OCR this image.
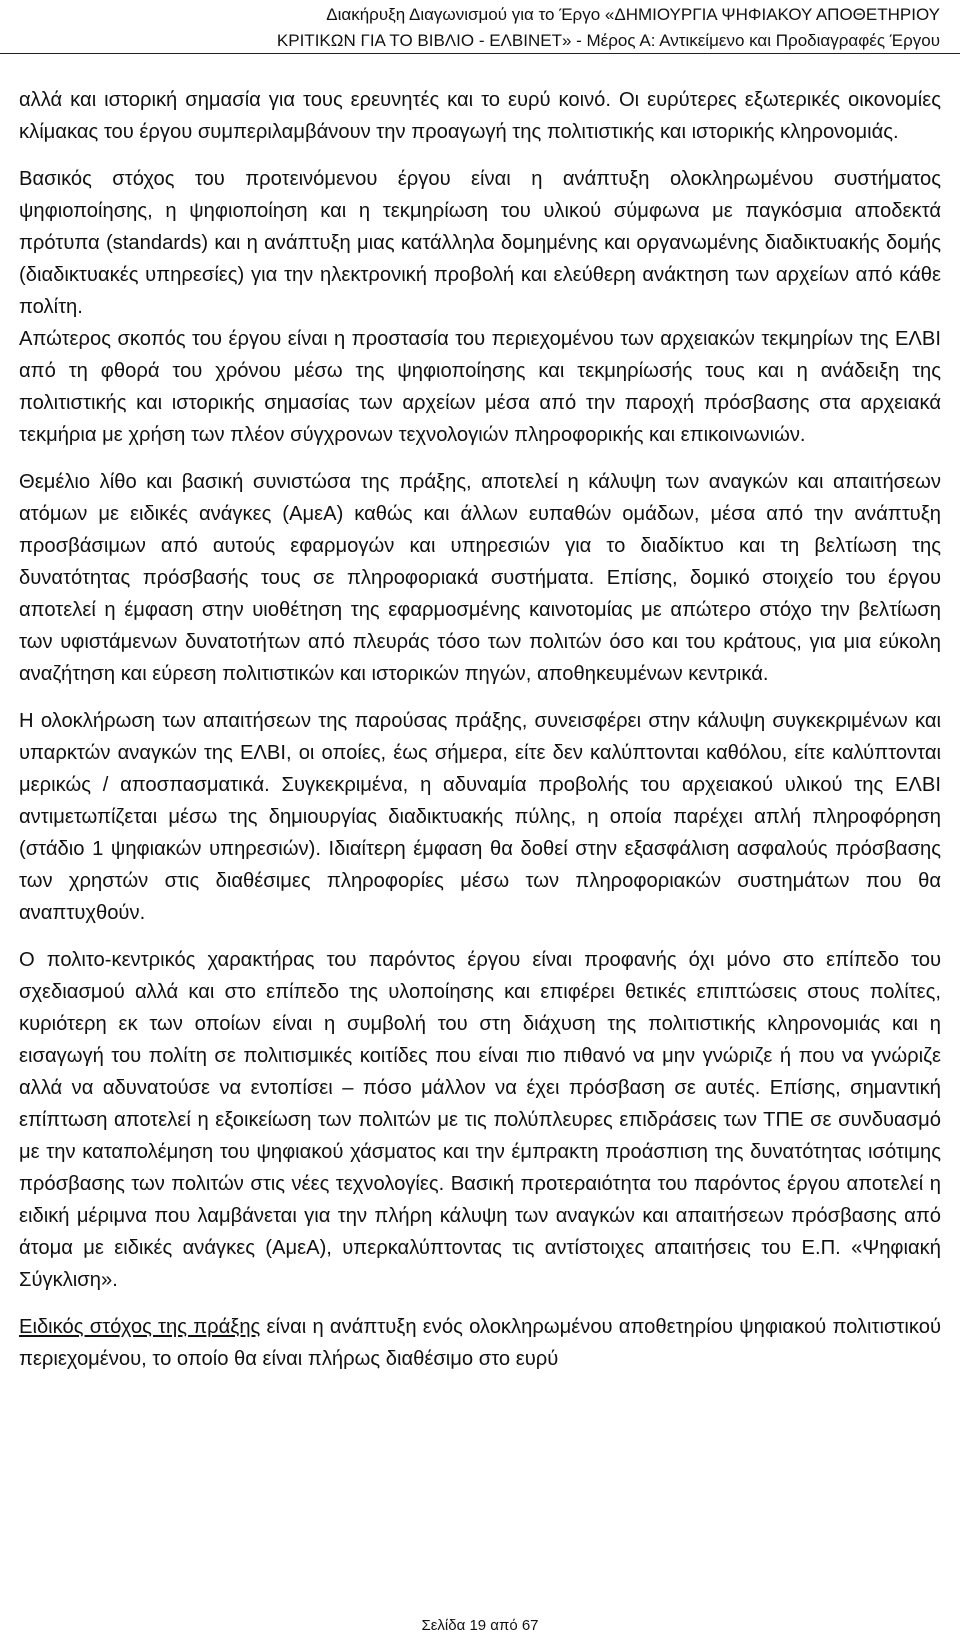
Διακήρυξη Διαγωνισμού για το Έργο «ΔΗΜΙΟΥΡΓΙΑ ΨΗΦΙΑΚΟΥ ΑΠΟΘΕΤΗΡΙΟΥ
ΚΡΙΤΙΚΩΝ ΓΙΑ ΤΟ ΒΙΒΛΙΟ - ΕΛΒΙΝΕΤ» - Μέρος Α: Αντικείμενο και Προδιαγραφές Έργου

αλλά και ιστορική σημασία για τους ερευνητές και το ευρύ κοινό. Οι ευρύτερες εξωτερικές οικονομίες κλίμακας του έργου συμπεριλαμβάνουν την προαγωγή της πολιτιστικής και ιστορικής κληρονομιάς.

Βασικός στόχος του προτεινόμενου έργου είναι η ανάπτυξη ολοκληρωμένου συστήματος ψηφιοποίησης, η ψηφιοποίηση και η τεκμηρίωση του υλικού σύμφωνα με παγκόσμια αποδεκτά πρότυπα (standards) και η ανάπτυξη μιας κατάλληλα δομημένης και οργανωμένης διαδικτυακής δομής (διαδικτυακές υπηρεσίες) για την ηλεκτρονική προβολή και ελεύθερη ανάκτηση των αρχείων από κάθε πολίτη.

Απώτερος σκοπός του έργου είναι η προστασία του περιεχομένου των αρχειακών τεκμηρίων της ΕΛΒΙ από τη φθορά του χρόνου μέσω της ψηφιοποίησης και τεκμηρίωσής τους και η ανάδειξη της πολιτιστικής και ιστορικής σημασίας των αρχείων μέσα από την παροχή πρόσβασης στα αρχειακά τεκμήρια με χρήση των πλέον σύγχρονων τεχνολογιών πληροφορικής και επικοινωνιών.

Θεμέλιο λίθο και βασική συνιστώσα της πράξης, αποτελεί η κάλυψη των αναγκών και απαιτήσεων ατόμων με ειδικές ανάγκες (ΑμεΑ) καθώς και άλλων ευπαθών ομάδων, μέσα από την ανάπτυξη προσβάσιμων από αυτούς εφαρμογών και υπηρεσιών για το διαδίκτυο και τη βελτίωση της δυνατότητας πρόσβασής τους σε πληροφοριακά συστήματα. Επίσης, δομικό στοιχείο του έργου αποτελεί η έμφαση στην υιοθέτηση της εφαρμοσμένης καινοτομίας με απώτερο στόχο την βελτίωση των υφιστάμενων δυνατοτήτων από πλευράς τόσο των πολιτών όσο και του κράτους, για μια εύκολη αναζήτηση και εύρεση πολιτιστικών και ιστορικών πηγών, αποθηκευμένων κεντρικά.

Η ολοκλήρωση των απαιτήσεων της παρούσας πράξης, συνεισφέρει στην κάλυψη συγκεκριμένων και υπαρκτών αναγκών της ΕΛΒΙ, οι οποίες, έως σήμερα, είτε δεν καλύπτονται καθόλου, είτε καλύπτονται μερικώς / αποσπασματικά. Συγκεκριμένα, η αδυναμία προβολής του αρχειακού υλικού της ΕΛΒΙ αντιμετωπίζεται μέσω της δημιουργίας διαδικτυακής πύλης, η οποία παρέχει απλή πληροφόρηση (στάδιο 1 ψηφιακών υπηρεσιών). Ιδιαίτερη έμφαση θα δοθεί στην εξασφάλιση ασφαλούς πρόσβασης των χρηστών στις διαθέσιμες πληροφορίες μέσω των πληροφοριακών συστημάτων που θα αναπτυχθούν.

Ο πολιτο-κεντρικός χαρακτήρας του παρόντος έργου είναι προφανής όχι μόνο στο επίπεδο του σχεδιασμού αλλά και στο επίπεδο της υλοποίησης και επιφέρει θετικές επιπτώσεις στους πολίτες, κυριότερη εκ των οποίων είναι η συμβολή του στη διάχυση της πολιτιστικής κληρονομιάς και η εισαγωγή του πολίτη σε πολιτισμικές κοιτίδες που είναι πιο πιθανό να μην γνώριζε ή που να γνώριζε αλλά να αδυνατούσε να εντοπίσει – πόσο μάλλον να έχει πρόσβαση σε αυτές. Επίσης, σημαντική επίπτωση αποτελεί η εξοικείωση των πολιτών με τις πολύπλευρες επιδράσεις των ΤΠΕ σε συνδυασμό με την καταπολέμηση του ψηφιακού χάσματος και την έμπρακτη προάσπιση της δυνατότητας ισότιμης πρόσβασης των πολιτών στις νέες τεχνολογίες. Βασική προτεραιότητα του παρόντος έργου αποτελεί η ειδική μέριμνα που λαμβάνεται για την πλήρη κάλυψη των αναγκών και απαιτήσεων πρόσβασης από άτομα με ειδικές ανάγκες (ΑμεΑ), υπερκαλύπτοντας τις αντίστοιχες απαιτήσεις του Ε.Π. «Ψηφιακή Σύγκλιση».

Ειδικός στόχος της πράξης είναι η ανάπτυξη ενός ολοκληρωμένου αποθετηρίου ψηφιακού πολιτιστικού περιεχομένου, το οποίο θα είναι πλήρως διαθέσιμο στο ευρύ

Σελίδα 19 από 67
